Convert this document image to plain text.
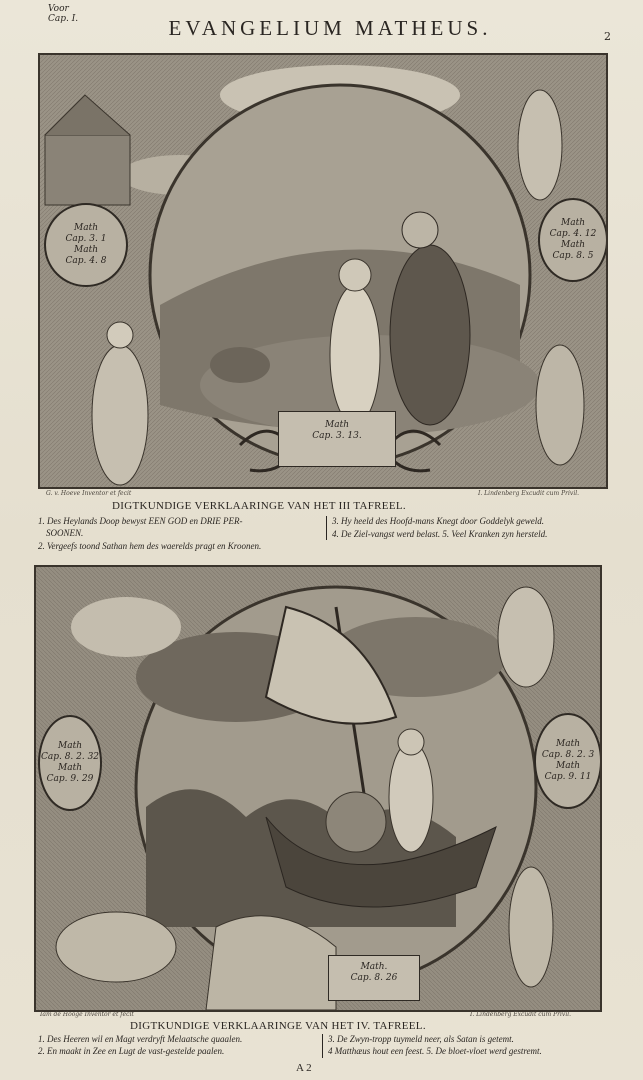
Voor
Cap. I.	EVANGELIUM MATHEUS.	2
Math
Cap. 3. 1
Math
Cap. 4. 8
Math
Cap. 4. 12
Math
Cap. 8. 5
Math
Cap. 3. 13.
G. v. Hoeve Inventor et fecit	I. Lindenberg Excudit cum Privil.
DIGTKUNDIGE VERKLAARINGE VAN HET III TAFREEL.
1. Des Heylands Doop bewyst EEN GOD en DRIE PER-
SOONEN.
2. Vergeefs toond Sathan hem des waerelds pragt en Kroonen.
3. Hy heeld des Hoofd-mans Knegt door Goddelyk geweld.
4. De Ziel-vangst werd belast. 5. Veel Kranken zyn hersteld.
Math
Cap. 8. 2. 32
Math
Cap. 9. 29
Math
Cap. 8. 2. 3
Math
Cap. 9. 11
Math.
Cap. 8. 26
Iam de Hooge Inventor et fecit	I. Lindenberg Excudit cum Privil.
DIGTKUNDIGE VERKLAARINGE VAN HET IV. TAFREEL.
1. Des Heeren wil en Magt verdryft Melaatsche quaalen.
2. En maakt in Zee en Lugt de vast-gestelde paalen.
3. De Zwyn-tropp tuymeld neer, als Satan is getemt.
4 Matthæus hout een feest. 5. De bloet-vloet werd gestremt.
A 2
